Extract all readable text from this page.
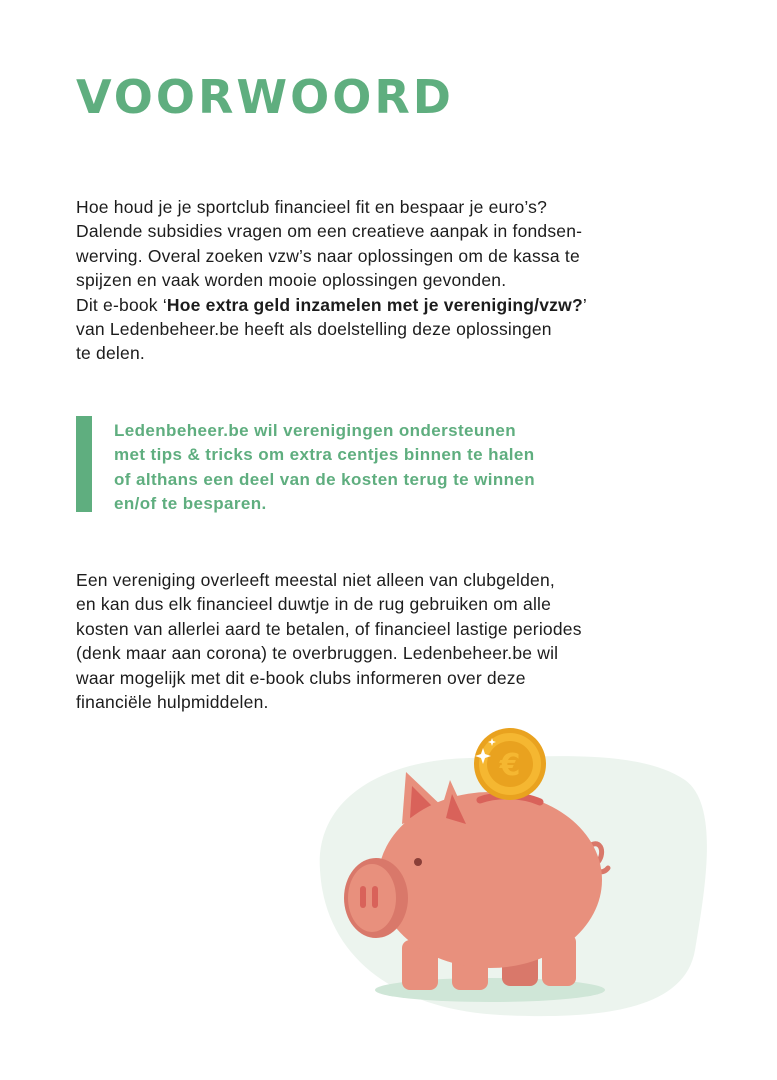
VOORWOORD
Hoe houd je je sportclub financieel fit en bespaar je euro’s?
Dalende subsidies vragen om een creatieve aanpak in fondsen-
werving. Overal zoeken vzw’s naar oplossingen om de kassa te
spijzen en vaak worden mooie oplossingen gevonden.
Dit e-book ‘Hoe extra geld inzamelen met je vereniging/vzw?’
van Ledenbeheer.be heeft als doelstelling deze oplossingen
te delen.
Ledenbeheer.be wil verenigingen ondersteunen
met tips & tricks om extra centjes binnen te halen
of althans een deel van de kosten terug te winnen
en/of te besparen.
Een vereniging overleeft meestal niet alleen van clubgelden,
en kan dus elk financieel duwtje in de rug gebruiken om alle
kosten van allerlei aard te betalen, of financieel lastige periodes
(denk maar aan corona) te overbruggen. Ledenbeheer.be wil
waar mogelijk met dit e-book clubs informeren over deze
financiële hulpmiddelen.
€
